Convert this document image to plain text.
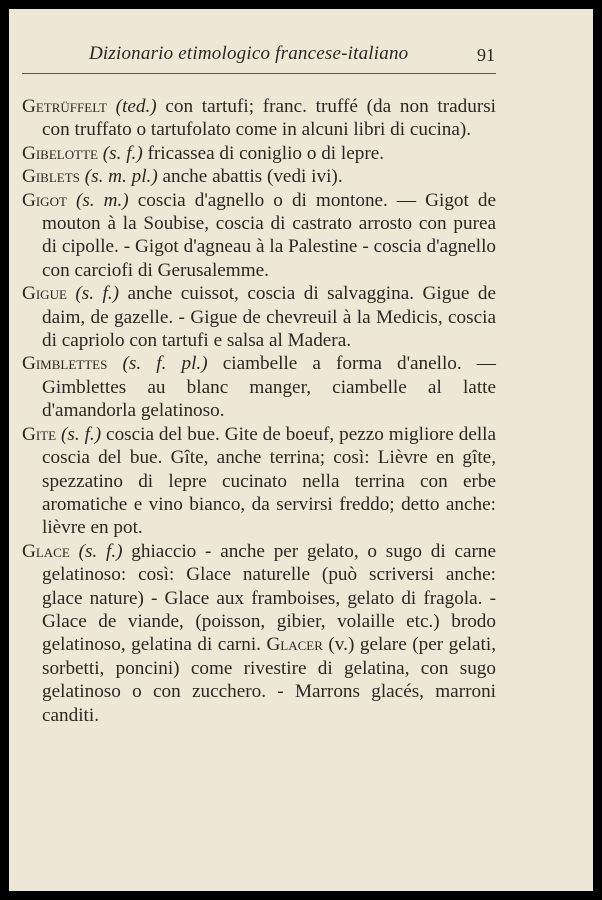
Dizionario etimologico francese-italiano	91

Getrüffelt (ted.) con tartufi; franc. truffé (da non tradursi con truffato o tartufolato come in alcuni libri di cucina).

Gibelotte (s. f.) fricassea di coniglio o di lepre.

Giblets (s. m. pl.) anche abattis (vedi ivi).

Gigot (s. m.) coscia d'agnello o di montone. — Gigot de mouton à la Soubise, coscia di castrato arrosto con purea di cipolle. - Gigot d'agneau à la Palestine - coscia d'agnello con carciofi di Gerusalemme.

Gigue (s. f.) anche cuissot, coscia di salvaggina. Gigue de daim, de gazelle. - Gigue de chevreuil à la Medicis, coscia di capriolo con tartufi e salsa al Madera.

Gimblettes (s. f. pl.) ciambelle a forma d'anello. — Gimblettes au blanc manger, ciambelle al latte d'amandorla gelatinoso.

Gite (s. f.) coscia del bue. Gite de boeuf, pezzo migliore della coscia del bue. Gîte, anche terrina; così: Lièvre en gîte, spezzatino di lepre cucinato nella terrina con erbe aromatiche e vino bianco, da servirsi freddo; detto anche: lièvre en pot.

Glace (s. f.) ghiaccio - anche per gelato, o sugo di carne gelatinoso: così: Glace naturelle (può scriversi anche: glace nature) - Glace aux framboises, gelato di fragola. - Glace de viande, (poisson, gibier, volaille etc.) brodo gelatinoso, gelatina di carni. Glacer (v.) gelare (per gelati, sorbetti, poncini) come rivestire di gelatina, con sugo gelatinoso o con zucchero. - Marrons glacés, marroni canditi.
